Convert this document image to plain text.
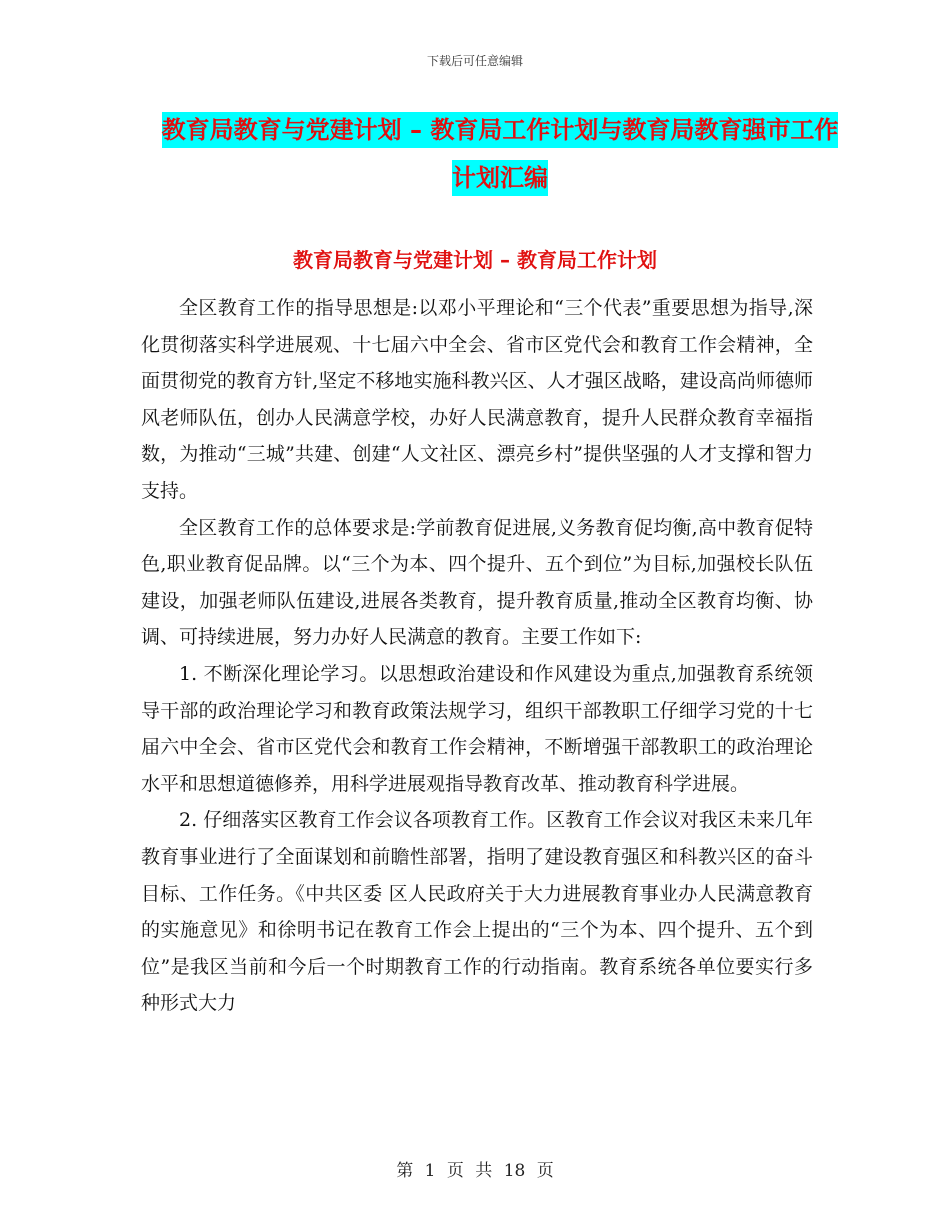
下载后可任意编辑
教育局教育与党建计划 – 教育局工作计划与教育局教育强市工作计划汇编
教育局教育与党建计划 – 教育局工作计划

全区教育工作的指导思想是:以邓小平理论和“三个代表”重要思想为指导,深化贯彻落实科学进展观、十七届六中全会、省市区党代会和教育工作会精神，全面贯彻党的教育方针,坚定不移地实施科教兴区、人才强区战略，建设高尚师德师风老师队伍，创办人民满意学校，办好人民满意教育，提升人民群众教育幸福指数，为推动“三城”共建、创建“人文社区、漂亮乡村”提供坚强的人才支撑和智力支持。

全区教育工作的总体要求是:学前教育促进展,义务教育促均衡,高中教育促特色,职业教育促品牌。以“三个为本、四个提升、五个到位”为目标,加强校长队伍建设，加强老师队伍建设,进展各类教育，提升教育质量,推动全区教育均衡、协调、可持续进展，努力办好人民满意的教育。主要工作如下:

1. 不断深化理论学习。以思想政治建设和作风建设为重点,加强教育系统领导干部的政治理论学习和教育政策法规学习，组织干部教职工仔细学习党的十七届六中全会、省市区党代会和教育工作会精神，不断增强干部教职工的政治理论水平和思想道德修养，用科学进展观指导教育改革、推动教育科学进展。

2. 仔细落实区教育工作会议各项教育工作。区教育工作会议对我区未来几年教育事业进行了全面谋划和前瞻性部署，指明了建设教育强区和科教兴区的奋斗目标、工作任务。《中共区委 区人民政府关于大力进展教育事业办人民满意教育的实施意见》和徐明书记在教育工作会上提出的“三个为本、四个提升、五个到位”是我区当前和今后一个时期教育工作的行动指南。教育系统各单位要实行多种形式大力

第 1 页 共 18 页
